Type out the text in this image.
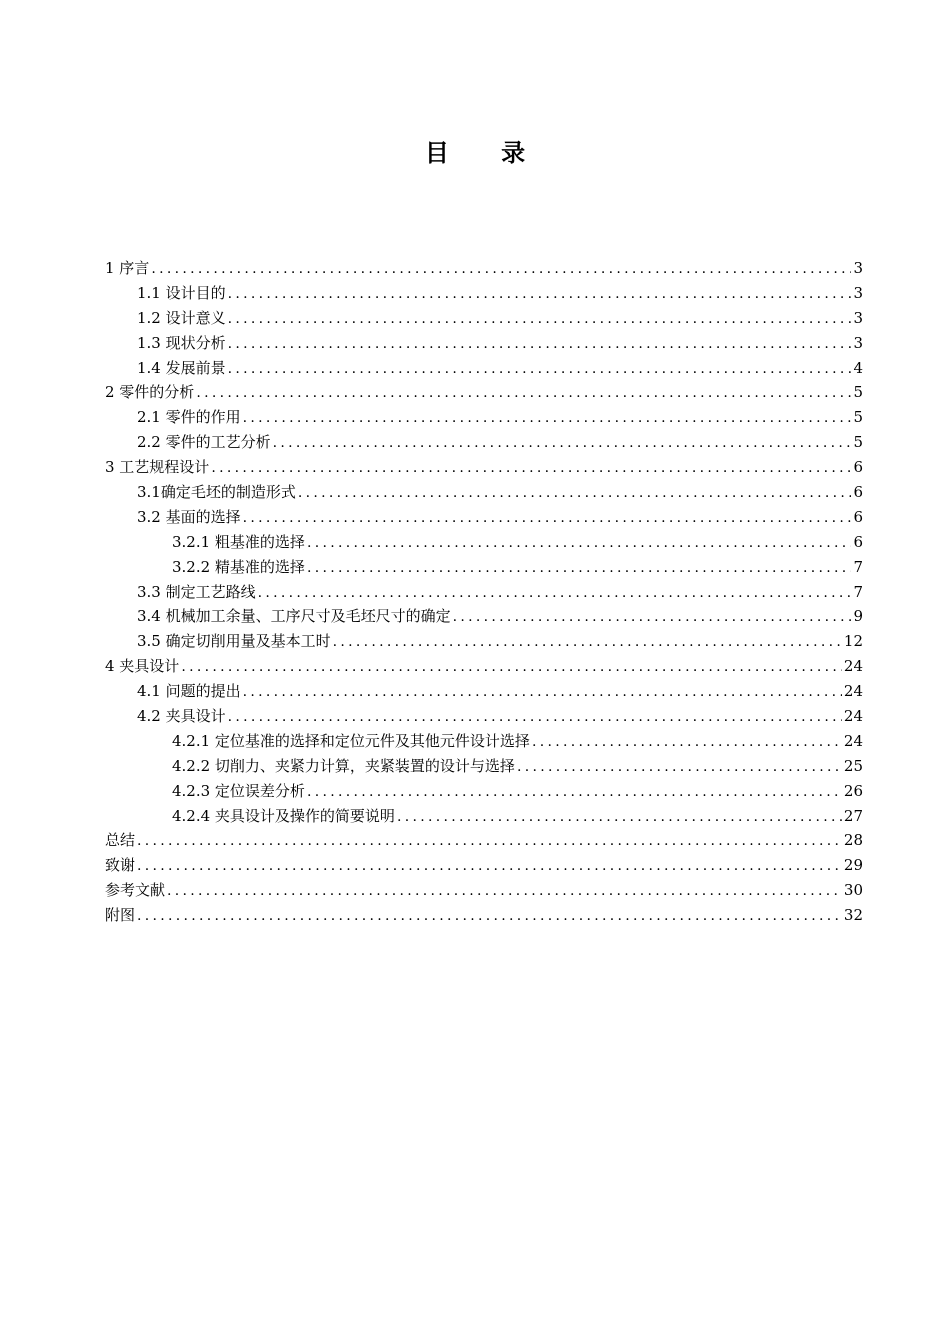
目 录
1 序言 .....	3
1.1 设计目的 .....	3
1.2 设计意义 .....	3
1.3 现状分析 .....	3
1.4 发展前景 .....	4
2 零件的分析 .....	5
2.1 零件的作用 .....	5
2.2 零件的工艺分析 .....	5
3 工艺规程设计 .....	6
3.1确定毛坯的制造形式 .....	6
3.2 基面的选择 .....	6
3.2.1 粗基准的选择 .....	6
3.2.2 精基准的选择 .....	7
3.3 制定工艺路线 .....	7
3.4 机械加工余量、工序尺寸及毛坯尺寸的确定 .....	9
3.5 确定切削用量及基本工时 .....	12
4 夹具设计 .....	24
4.1 问题的提出 .....	24
4.2 夹具设计 .....	24
4.2.1 定位基准的选择和定位元件及其他元件设计选择 .....	24
4.2.2 切削力、夹紧力计算，夹紧装置的设计与选择 .....	25
4.2.3 定位误差分析 .....	26
4.2.4 夹具设计及操作的简要说明 .....	27
总结 .....	28
致谢 .....	29
参考文献 .....	30
附图 .....	32
